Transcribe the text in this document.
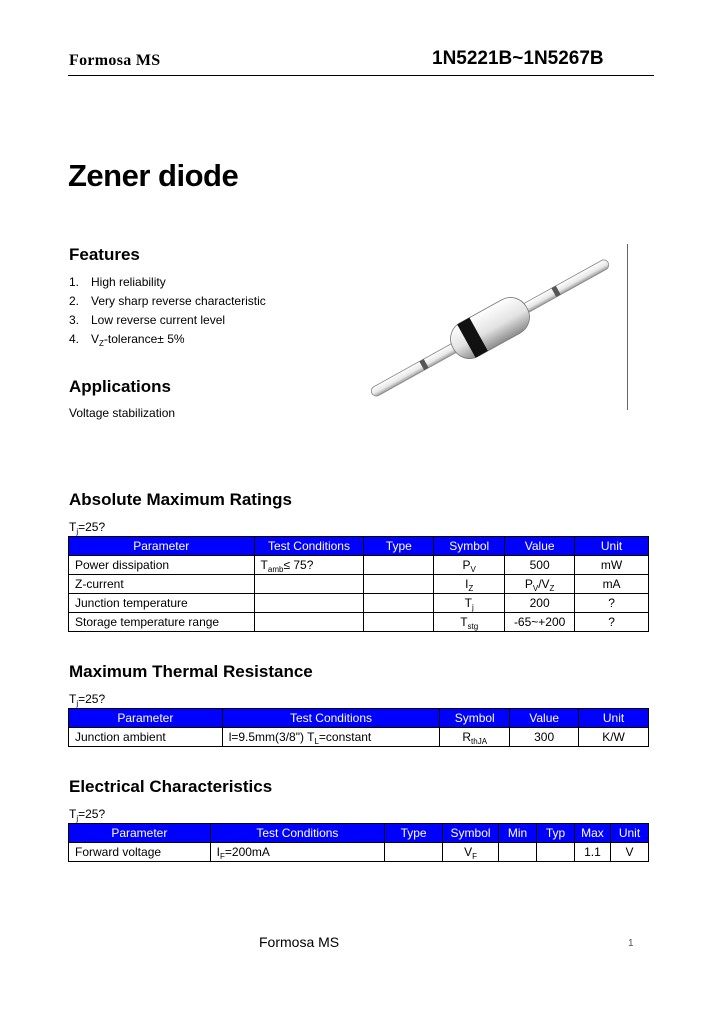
Formosa MS	1N5221B~1N5267B
Zener diode
Features
1. High reliability
2. Very sharp reverse characteristic
3. Low reverse current level
4. $V_Z-tolerance\pm 5\%$
Applications
Voltage stabilization
Absolute Maximum Ratings
$T_j=25$?
Parameter	Test Conditions	Type	Symbol	Value	Unit
Power dissipation	$T_{amb}\le 75$?		$P_V$	500	mW
Z-current			$I_Z$	$P_V/V_Z$	mA
Junction temperature			$T_j$	200	?
Storage temperature range			$T_{stg}$	-65~+200	?
Maximum Thermal Resistance
$T_j=25$?
Parameter	Test Conditions	Symbol	Value	Unit
Junction ambient	l=9.5mm(3/8") $T_L=constant$	$R_{thJA}$	300	K/W
Electrical Characteristics
$T_j=25$?
Parameter	Test Conditions	Type	Symbol	Min	Typ	Max	Unit
Forward voltage	$I_F=200mA$		$V_F$			1.1	V
Formosa MS	1
